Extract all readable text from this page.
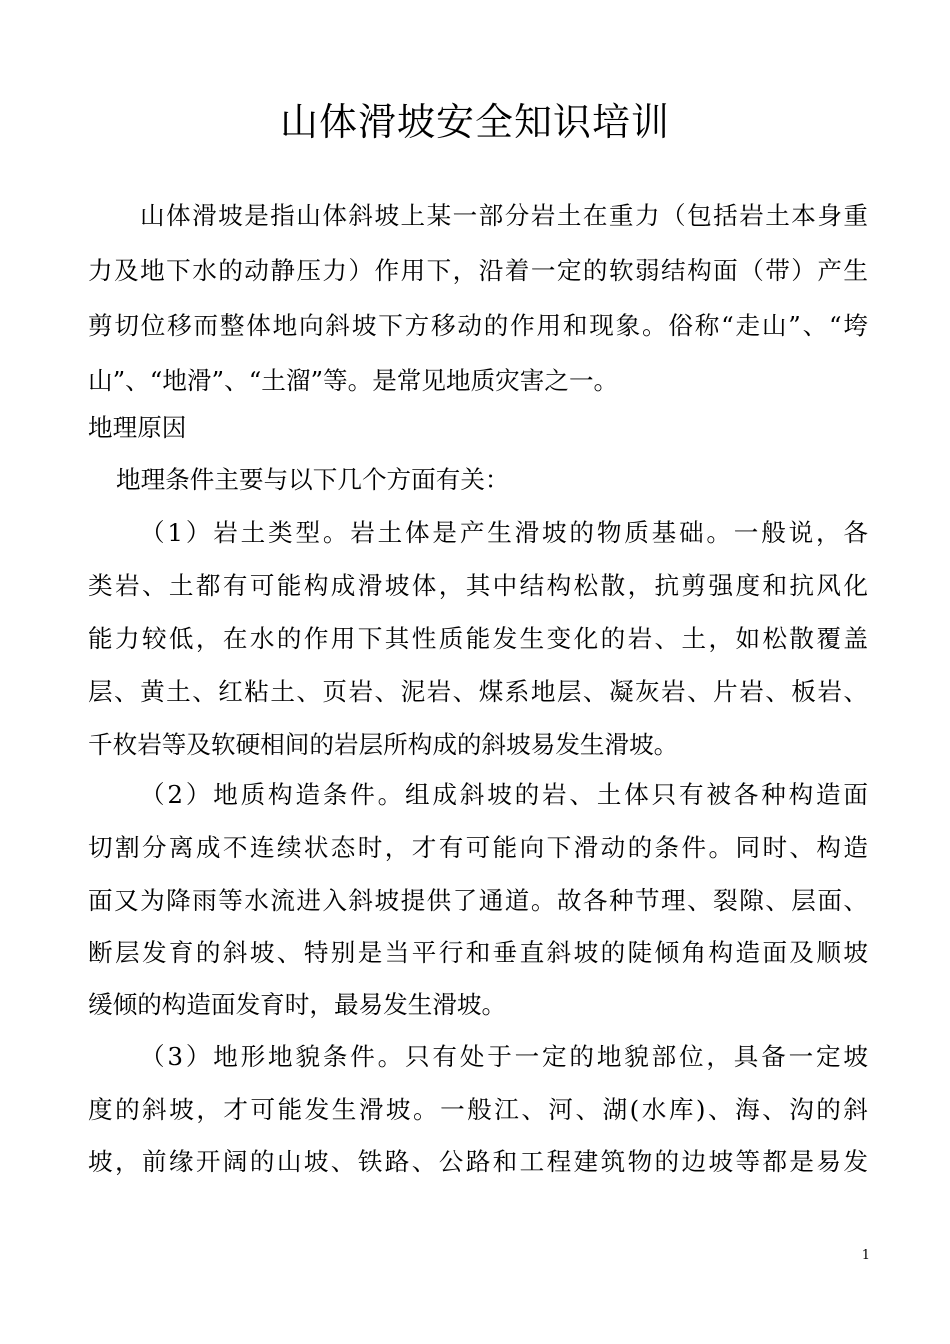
山体滑坡安全知识培训
山体滑坡是指山体斜坡上某一部分岩土在重力（包括岩土本身重
力及地下水的动静压力）作用下，沿着一定的软弱结构面（带）产生
剪切位移而整体地向斜坡下方移动的作用和现象。俗称“走山”、“垮
山”、“地滑”、“土溜”等。是常见地质灾害之一。
地理原因
地理条件主要与以下几个方面有关：
（1）岩土类型。岩土体是产生滑坡的物质基础。一般说，各
类岩、土都有可能构成滑坡体，其中结构松散，抗剪强度和抗风化
能力较低，在水的作用下其性质能发生变化的岩、土，如松散覆盖
层、黄土、红粘土、页岩、泥岩、煤系地层、凝灰岩、片岩、板岩、
千枚岩等及软硬相间的岩层所构成的斜坡易发生滑坡。
（2）地质构造条件。组成斜坡的岩、土体只有被各种构造面
切割分离成不连续状态时，才有可能向下滑动的条件。同时、构造
面又为降雨等水流进入斜坡提供了通道。故各种节理、裂隙、层面、
断层发育的斜坡、特别是当平行和垂直斜坡的陡倾角构造面及顺坡
缓倾的构造面发育时，最易发生滑坡。
（3）地形地貌条件。只有处于一定的地貌部位，具备一定坡
度的斜坡，才可能发生滑坡。一般江、河、湖(水库)、海、沟的斜
坡，前缘开阔的山坡、铁路、公路和工程建筑物的边坡等都是易发
1
